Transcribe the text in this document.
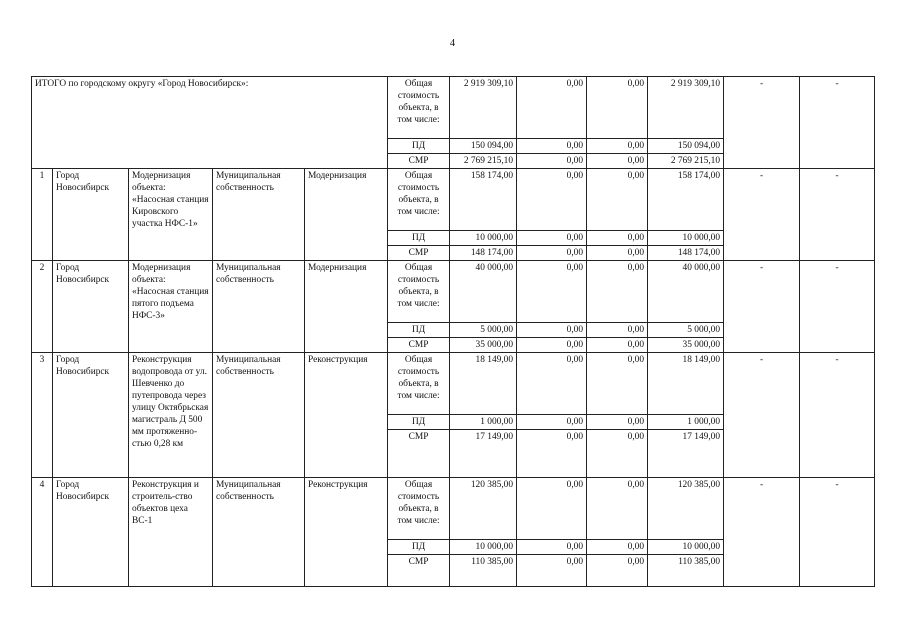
4
ИТОГО по городскому округу «Город Новосибирск»:					Общая стоимость объекта, в том числе:	2 919 309,10	0,00	0,00	2 919 309,10	-	-
					ПД	150 094,00	0,00	0,00	150 094,00		
					СМР	2 769 215,10	0,00	0,00	2 769 215,10		
1	Город Новосибирск	Модернизация объекта: «Насосная станция Кировского участка НФС-1»	Муниципальная собственность	Модернизация	Общая стоимость объекта, в том числе:	158 174,00	0,00	0,00	158 174,00	-	-
					ПД	10 000,00	0,00	0,00	10 000,00		
					СМР	148 174,00	0,00	0,00	148 174,00		
2	Город Новосибирск	Модернизация объекта: «Насосная станция пятого подъема НФС-3»	Муниципальная собственность	Модернизация	Общая стоимость объекта, в том числе:	40 000,00	0,00	0,00	40 000,00	-	-
					ПД	5 000,00	0,00	0,00	5 000,00		
					СМР	35 000,00	0,00	0,00	35 000,00		
3	Город Новосибирск	Реконструкция водопровода от ул. Шевченко до путепровода через улицу Октябрьская магистраль Д 500 мм протяженно-стью 0,28 км	Муниципальная собственность	Реконструкция	Общая стоимость объекта, в том числе:	18 149,00	0,00	0,00	18 149,00	-	-
					ПД	1 000,00	0,00	0,00	1 000,00		
					СМР	17 149,00	0,00	0,00	17 149,00		
4	Город Новосибирск	Реконструкция и строитель-ство объектов цеха ВС-1	Муниципальная собственность	Реконструкция	Общая стоимость объекта, в том числе:	120 385,00	0,00	0,00	120 385,00	-	-
					ПД	10 000,00	0,00	0,00	10 000,00		
					СМР	110 385,00	0,00	0,00	110 385,00		
